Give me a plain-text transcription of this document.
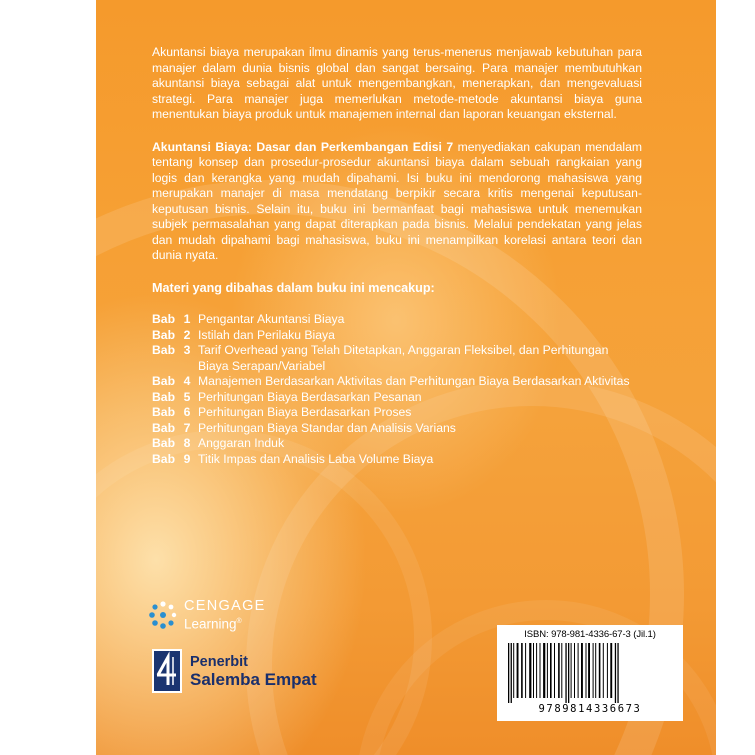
Akuntansi biaya merupakan ilmu dinamis yang terus-menerus menjawab kebutuhan para manajer dalam dunia bisnis global dan sangat bersaing. Para manajer membutuhkan akuntansi biaya sebagai alat untuk mengembangkan, menerapkan, dan mengevaluasi strategi. Para manajer juga memerlukan metode-metode akuntansi biaya guna menentukan biaya produk untuk manajemen internal dan laporan keuangan eksternal.

Akuntansi Biaya: Dasar dan Perkembangan Edisi 7 menyediakan cakupan mendalam tentang konsep dan prosedur-prosedur akuntansi biaya dalam sebuah rangkaian yang logis dan kerangka yang mudah dipahami. Isi buku ini mendorong mahasiswa yang merupakan manajer di masa mendatang berpikir secara kritis mengenai keputusan-keputusan bisnis. Selain itu, buku ini bermanfaat bagi mahasiswa untuk menemukan subjek permasalahan yang dapat diterapkan pada bisnis. Melalui pendekatan yang jelas dan mudah dipahami bagi mahasiswa, buku ini menampilkan korelasi antara teori dan dunia nyata.

Materi yang dibahas dalam buku ini mencakup:
Bab 1 Pengantar Akuntansi Biaya
Bab 2 Istilah dan Perilaku Biaya
Bab 3 Tarif Overhead yang Telah Ditetapkan, Anggaran Fleksibel, dan Perhitungan Biaya Serapan/Variabel
Bab 4 Manajemen Berdasarkan Aktivitas dan Perhitungan Biaya Berdasarkan Aktivitas
Bab 5 Perhitungan Biaya Berdasarkan Pesanan
Bab 6 Perhitungan Biaya Berdasarkan Proses
Bab 7 Perhitungan Biaya Standar dan Analisis Varians
Bab 8 Anggaran Induk
Bab 9 Titik Impas dan Analisis Laba Volume Biaya
CENGAGE
Learning®
Penerbit
Salemba Empat
ISBN: 978-981-4336-67-3 (Jil.1)
9789814336673
